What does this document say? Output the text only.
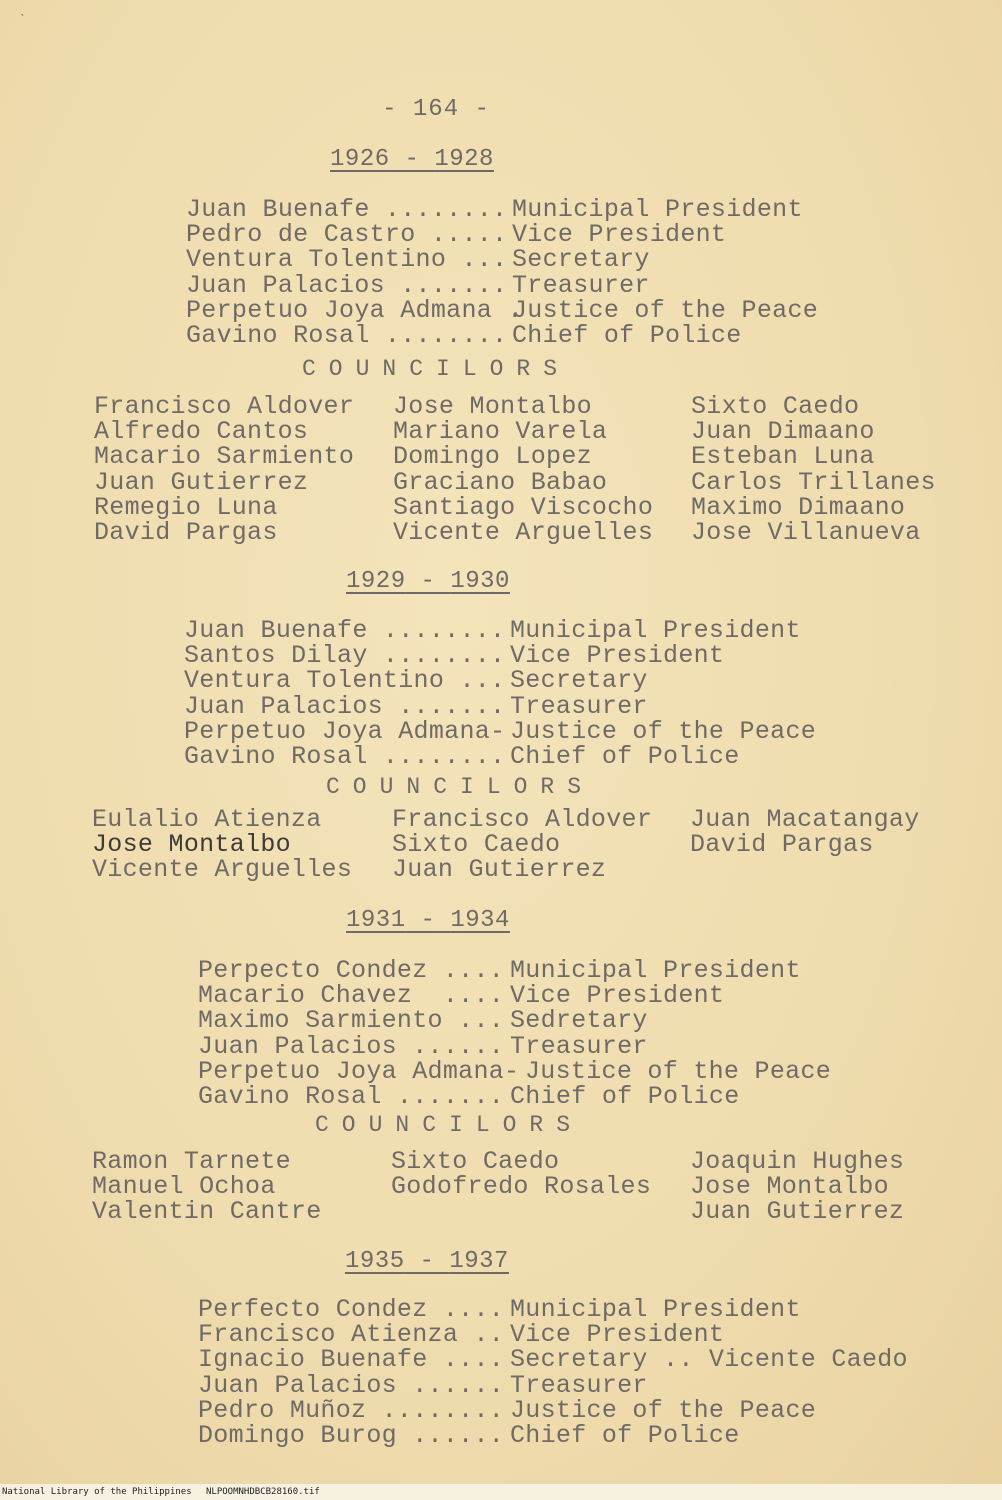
ˎ
- 164 -
1926 - 1928
Juan Buenafe ........ Municipal President
Pedro de Castro ..... Vice President
Ventura Tolentino ... Secretary
Juan Palacios ....... Treasurer
Perpetuo Joya Admana .
Justice of the Peace
Gavino Rosal ........ Chief of Police
COUNCILORS
Francisco Aldover
Alfredo Cantos
Macario Sarmiento
Juan Gutierrez
Remegio Luna
David Pargas
Jose Montalbo
Mariano Varela
Domingo Lopez
Graciano Babao
Santiago Viscocho
Vicente Arguelles
Sixto Caedo
Juan Dimaano
Esteban Luna
Carlos Trillanes
Maximo Dimaano
Jose Villanueva
1929 - 1930
Juan Buenafe ........ Municipal President
Santos Dilay ........ Vice President
Ventura Tolentino ... Secretary
Juan Palacios ....... Treasurer
Perpetuo Joya Admana- Justice of the Peace
Gavino Rosal ........ Chief of Police
COUNCILORS
Eulalio Atienza
Jose Montalbo
Vicente Arguelles
Francisco Aldover
Sixto Caedo
Juan Gutierrez
Juan Macatangay
David Pargas
1931 - 1934
Perpecto Condez .... Municipal President
Macario Chavez  .... Vice President
Maximo Sarmiento ... Sedretary
Juan Palacios ...... Treasurer
Perpetuo Joya Admana- Justice of the Peace
Gavino Rosal ....... Chief of Police
COUNCILORS
Ramon Tarnete
Manuel Ochoa
Valentin Cantre
Sixto Caedo
Godofredo Rosales
Joaquin Hughes
Jose Montalbo
Juan Gutierrez
1935 - 1937
Perfecto Condez .... Municipal President
Francisco Atienza .. Vice President
Ignacio Buenafe .... Secretary .. Vicente Caedo
Juan Palacios ...... Treasurer
Pedro Muñoz ........ Justice of the Peace
Domingo Burog ...... Chief of Police
National Library of the Philippines NLPOOMNHDBCB28160.tif
